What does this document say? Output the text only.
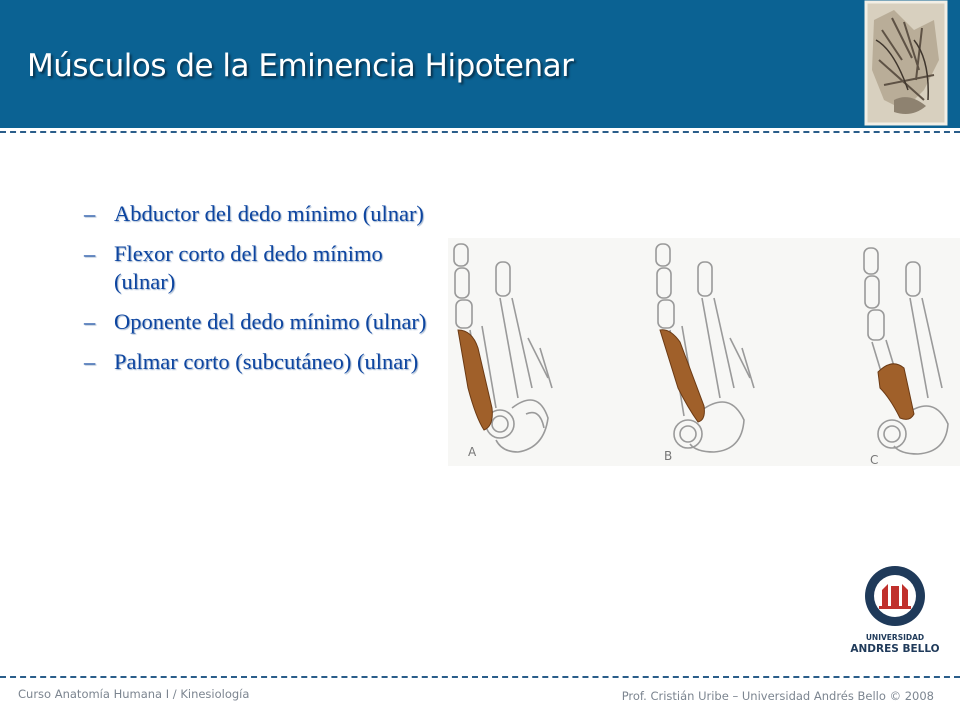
Músculos de la Eminencia Hipotenar
– Abductor del dedo mínimo (ulnar)
– Flexor corto del dedo mínimo (ulnar)
– Oponente del dedo mínimo (ulnar)
– Palmar corto (subcutáneo) (ulnar)
A	B	C
UNIVERSIDAD
ANDRES BELLO
Curso Anatomía Humana I / Kinesiología	Prof. Cristián Uribe – Universidad Andrés Bello © 2008
